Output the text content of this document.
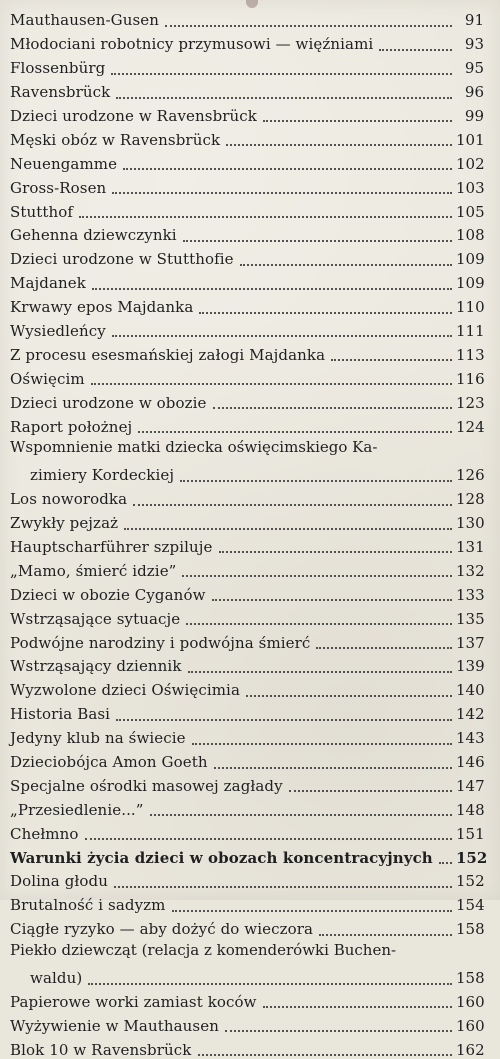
Mauthausen-Gusen	91
Młodociani robotnicy przymusowi — więźniami	93
Flossenbürg	95
Ravensbrück	96
Dzieci urodzone w Ravensbrück	99
Męski obóz w Ravensbrück	101
Neuengamme	102
Gross-Rosen	103
Stutthof	105
Gehenna dziewczynki	108
Dzieci urodzone w Stutthofie	109
Majdanek	109
Krwawy epos Majdanka	110
Wysiedleńcy	111
Z procesu esesmańskiej załogi Majdanka	113
Oświęcim	116
Dzieci urodzone w obozie	123
Raport położnej	124
Wspomnienie matki dziecka oświęcimskiego Ka-
zimiery Kordeckiej	126
Los noworodka	128
Zwykły pejzaż	130
Hauptscharführer szpiluje	131
„Mamo, śmierć idzie”	132
Dzieci w obozie Cyganów	133
Wstrząsające sytuacje	135
Podwójne narodziny i podwójna śmierć	137
Wstrząsający dziennik	139
Wyzwolone dzieci Oświęcimia	140
Historia Basi	142
Jedyny klub na świecie	143
Dzieciobójca Amon Goeth	146
Specjalne ośrodki masowej zagłady	147
„Przesiedlenie...”	148
Chełmno	151
Warunki życia dzieci w obozach koncentracyjnych 152
Dolina głodu	152
Brutalność i sadyzm	154
Ciągłe ryzyko — aby dożyć do wieczora	158
Piekło dziewcząt (relacja z komenderówki Buchen-
waldu)	158
Papierowe worki zamiast koców	160
Wyżywienie w Mauthausen	160
Blok 10 w Ravensbrück	162
